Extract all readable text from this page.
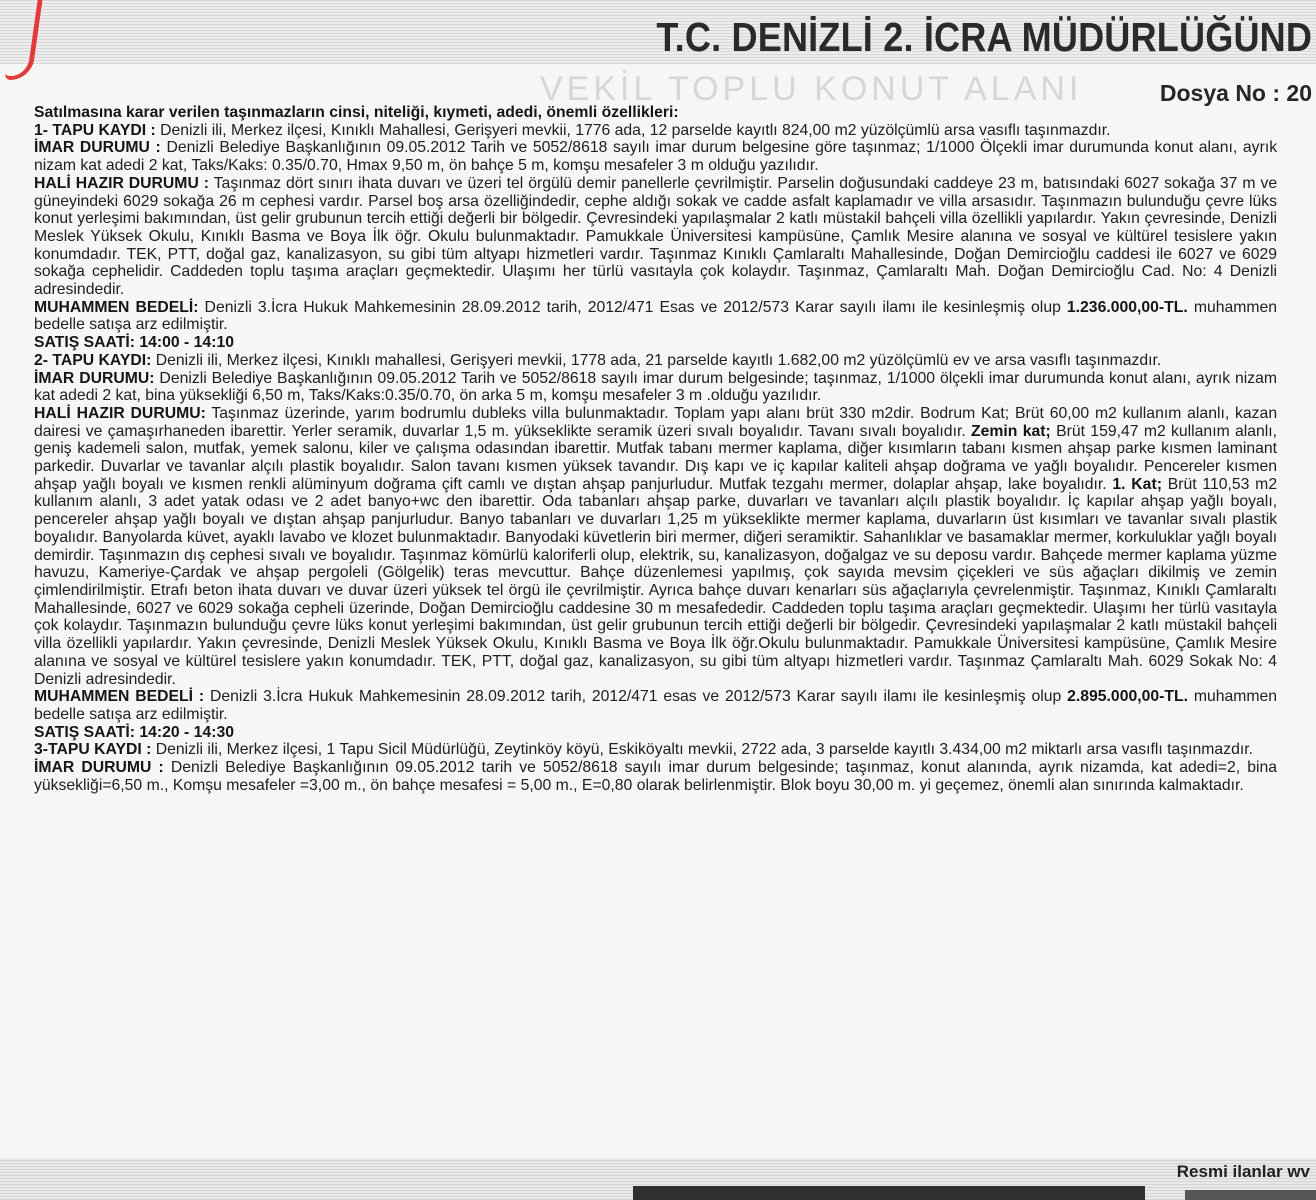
T.C. DENİZLİ 2. İCRA MÜDÜRLÜĞÜND
VEKİL TOPLU KONUT ALANI	Dosya No : 20

Satılmasına karar verilen taşınmazların cinsi, niteliği, kıymeti, adedi, önemli özellikleri:

1- TAPU KAYDI : Denizli ili, Merkez ilçesi, Kınıklı Mahallesi, Gerişyeri mevkii, 1776 ada, 12 parselde kayıtlı 824,00 m2 yüzölçümlü arsa vasıflı taşınmazdır.

İMAR DURUMU : Denizli Belediye Başkanlığının 09.05.2012 Tarih ve 5052/8618 sayılı imar durum belgesine göre taşınmaz; 1/1000 Ölçekli imar durumunda konut alanı, ayrık nizam kat adedi 2 kat, Taks/Kaks: 0.35/0.70, Hmax 9,50 m, ön bahçe 5 m, komşu mesafeler 3 m olduğu yazılıdır.

HALİ HAZIR DURUMU : Taşınmaz dört sınırı ihata duvarı ve üzeri tel örgülü demir panellerle çevrilmiştir. Parselin doğusundaki caddeye 23 m, batısındaki 6027 sokağa 37 m ve güneyindeki 6029 sokağa 26 m cephesi vardır. Parsel boş arsa özelliğindedir, cephe aldığı sokak ve cadde asfalt kaplamadır ve villa arsasıdır. Taşınmazın bulunduğu çevre lüks konut yerleşimi bakımından, üst gelir grubunun tercih ettiği değerli bir bölgedir. Çevresindeki yapılaşmalar 2 katlı müstakil bahçeli villa özellikli yapılardır. Yakın çevresinde, Denizli Meslek Yüksek Okulu, Kınıklı Basma ve Boya İlk öğr. Okulu bulunmaktadır. Pamukkale Üniversitesi kampüsüne, Çamlık Mesire alanına ve sosyal ve kültürel tesislere yakın konumdadır. TEK, PTT, doğal gaz, kanalizasyon, su gibi tüm altyapı hizmetleri vardır. Taşınmaz Kınıklı Çamlaraltı Mahallesinde, Doğan Demircioğlu caddesi ile 6027 ve 6029 sokağa cephelidir. Caddeden toplu taşıma araçları geçmektedir. Ulaşımı her türlü vasıtayla çok kolaydır. Taşınmaz, Çamlaraltı Mah. Doğan Demircioğlu Cad. No: 4 Denizli adresindedir.

MUHAMMEN BEDELİ: Denizli 3.İcra Hukuk Mahkemesinin 28.09.2012 tarih, 2012/471 Esas ve 2012/573 Karar sayılı ilamı ile kesinleşmiş olup 1.236.000,00-TL. muhammen bedelle satışa arz edilmiştir.

SATIŞ SAATİ: 14:00 - 14:10

2- TAPU KAYDI: Denizli ili, Merkez ilçesi, Kınıklı mahallesi, Gerişyeri mevkii, 1778 ada, 21 parselde kayıtlı 1.682,00 m2 yüzölçümlü ev ve arsa vasıflı taşınmazdır.

İMAR DURUMU: Denizli Belediye Başkanlığının 09.05.2012 Tarih ve 5052/8618 sayılı imar durum belgesinde; taşınmaz, 1/1000 ölçekli imar durumunda konut alanı, ayrık nizam kat adedi 2 kat, bina yüksekliği 6,50 m, Taks/Kaks:0.35/0.70, ön arka 5 m, komşu mesafeler 3 m .olduğu yazılıdır.

HALİ HAZIR DURUMU: Taşınmaz üzerinde, yarım bodrumlu dubleks villa bulunmaktadır. Toplam yapı alanı brüt 330 m2dir. Bodrum Kat; Brüt 60,00 m2 kullanım alanlı, kazan dairesi ve çamaşırhaneden ibarettir. Yerler seramik, duvarlar 1,5 m. yükseklikte seramik üzeri sıvalı boyalıdır. Tavanı sıvalı boyalıdır. Zemin kat; Brüt 159,47 m2 kullanım alanlı, geniş kademeli salon, mutfak, yemek salonu, kiler ve çalışma odasından ibarettir. Mutfak tabanı mermer kaplama, diğer kısımların tabanı kısmen ahşap parke kısmen laminant parkedir. Duvarlar ve tavanlar alçılı plastik boyalıdır. Salon tavanı kısmen yüksek tavandır. Dış kapı ve iç kapılar kaliteli ahşap doğrama ve yağlı boyalıdır. Pencereler kısmen ahşap yağlı boyalı ve kısmen renkli alüminyum doğrama çift camlı ve dıştan ahşap panjurludur. Mutfak tezgahı mermer, dolaplar ahşap, lake boyalıdır. 1. Kat; Brüt 110,53 m2 kullanım alanlı, 3 adet yatak odası ve 2 adet banyo+wc den ibarettir. Oda tabanları ahşap parke, duvarları ve tavanları alçılı plastik boyalıdır. İç kapılar ahşap yağlı boyalı, pencereler ahşap yağlı boyalı ve dıştan ahşap panjurludur. Banyo tabanları ve duvarları 1,25 m yükseklikte mermer kaplama, duvarların üst kısımları ve tavanlar sıvalı plastik boyalıdır. Banyolarda küvet, ayaklı lavabo ve klozet bulunmaktadır. Banyodaki küvetlerin biri mermer, diğeri seramiktir. Sahanlıklar ve basamaklar mermer, korkuluklar yağlı boyalı demirdir. Taşınmazın dış cephesi sıvalı ve boyalıdır. Taşınmaz kömürlü kaloriferli olup, elektrik, su, kanalizasyon, doğalgaz ve su deposu vardır. Bahçede mermer kaplama yüzme havuzu, Kameriye-Çardak ve ahşap pergoleli (Gölgelik) teras mevcuttur. Bahçe düzenlemesi yapılmış, çok sayıda mevsim çiçekleri ve süs ağaçları dikilmiş ve zemin çimlendirilmiştir. Etrafı beton ihata duvarı ve duvar üzeri yüksek tel örgü ile çevrilmiştir. Ayrıca bahçe duvarı kenarları süs ağaçlarıyla çevrelenmiştir. Taşınmaz, Kınıklı Çamlaraltı Mahallesinde, 6027 ve 6029 sokağa cepheli üzerinde, Doğan Demircioğlu caddesine 30 m mesafededir. Caddeden toplu taşıma araçları geçmektedir. Ulaşımı her türlü vasıtayla çok kolaydır. Taşınmazın bulunduğu çevre lüks konut yerleşimi bakımından, üst gelir grubunun tercih ettiği değerli bir bölgedir. Çevresindeki yapılaşmalar 2 katlı müstakil bahçeli villa özellikli yapılardır. Yakın çevresinde, Denizli Meslek Yüksek Okulu, Kınıklı Basma ve Boya İlk öğr.Okulu bulunmaktadır. Pamukkale Üniversitesi kampüsüne, Çamlık Mesire alanına ve sosyal ve kültürel tesislere yakın konumdadır. TEK, PTT, doğal gaz, kanalizasyon, su gibi tüm altyapı hizmetleri vardır. Taşınmaz Çamlaraltı Mah. 6029 Sokak No: 4 Denizli adresindedir.

MUHAMMEN BEDELİ : Denizli 3.İcra Hukuk Mahkemesinin 28.09.2012 tarih, 2012/471 esas ve 2012/573 Karar sayılı ilamı ile kesinleşmiş olup 2.895.000,00-TL. muhammen bedelle satışa arz edilmiştir.

SATIŞ SAATİ: 14:20 - 14:30

3-TAPU KAYDI : Denizli ili, Merkez ilçesi, 1 Tapu Sicil Müdürlüğü, Zeytinköy köyü, Eskiköyaltı mevkii, 2722 ada, 3 parselde kayıtlı 3.434,00 m2 miktarlı arsa vasıflı taşınmazdır.

İMAR DURUMU : Denizli Belediye Başkanlığının 09.05.2012 tarih ve 5052/8618 sayılı imar durum belgesinde; taşınmaz, konut alanında, ayrık nizamda, kat adedi=2, bina yüksekliği=6,50 m., Komşu mesafeler =3,00 m., ön bahçe mesafesi = 5,00 m., E=0,80 olarak belirlenmiştir. Blok boyu 30,00 m. yi geçemez, önemli alan sınırında kalmaktadır.

Resmi ilanlar wv
